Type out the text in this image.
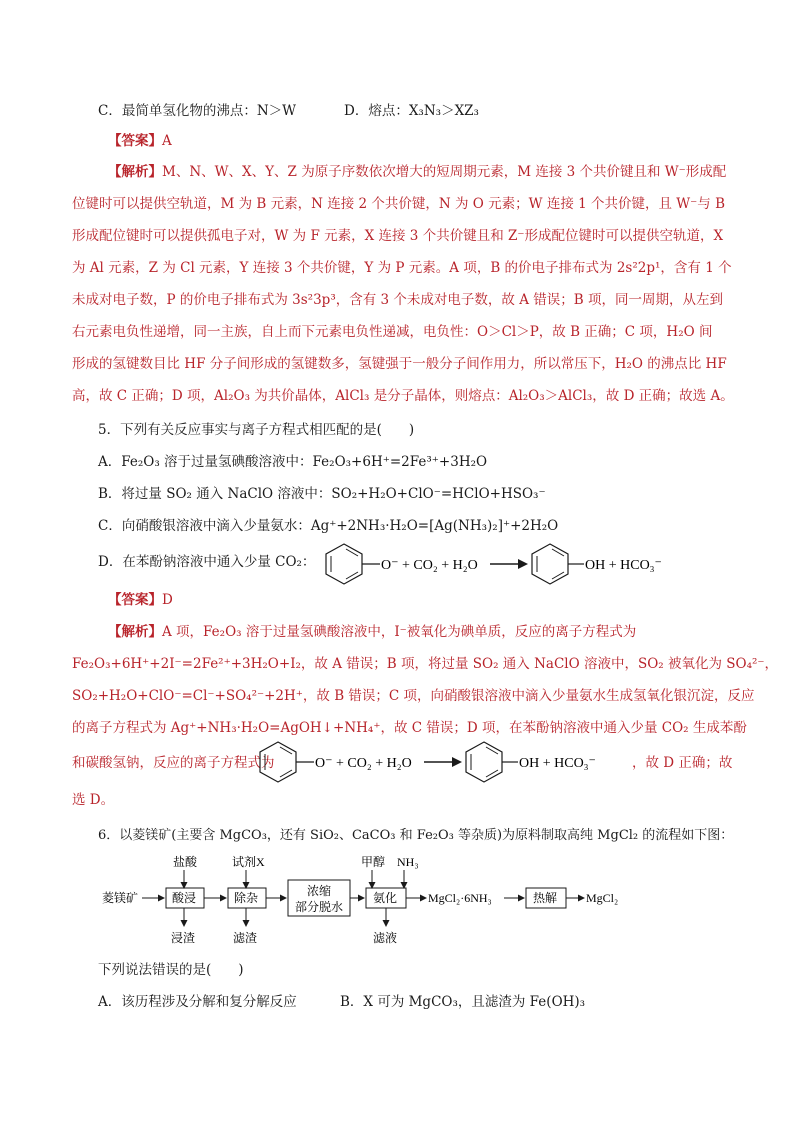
C．最简单氢化物的沸点：N＞W	D．熔点：X₃N₃＞XZ₃
【答案】A
【解析】M、N、W、X、Y、Z 为原子序数依次增大的短周期元素，M 连接 3 个共价键且和 W⁻形成配
位键时可以提供空轨道，M 为 B 元素，N 连接 2 个共价键，N 为 O 元素；W 连接 1 个共价键，且 W⁻与 B
形成配位键时可以提供孤电子对，W 为 F 元素，X 连接 3 个共价键且和 Z⁻形成配位键时可以提供空轨道，X
为 Al 元素，Z 为 Cl 元素，Y 连接 3 个共价键，Y 为 P 元素。A 项，B 的价电子排布式为 2s²2p¹，含有 1 个
未成对电子数，P 的价电子排布式为 3s²3p³，含有 3 个未成对电子数，故 A 错误；B 项，同一周期，从左到
右元素电负性递增，同一主族，自上而下元素电负性递减，电负性：O＞Cl＞P，故 B 正确；C 项，H₂O 间
形成的氢键数目比 HF 分子间形成的氢键数多，氢键强于一般分子间作用力，所以常压下，H₂O 的沸点比 HF
高，故 C 正确；D 项，Al₂O₃ 为共价晶体，AlCl₃ 是分子晶体，则熔点：Al₂O₃＞AlCl₃，故 D 正确；故选 A。
5．下列有关反应事实与离子方程式相匹配的是(　　)
A．Fe₂O₃ 溶于过量氢碘酸溶液中：Fe₂O₃+6H⁺=2Fe³⁺+3H₂O
B．将过量 SO₂ 通入 NaClO 溶液中：SO₂+H₂O+ClO⁻=HClO+HSO₃⁻
C．向硝酸银溶液中滴入少量氨水：Ag⁺+2NH₃·H₂O=[Ag(NH₃)₂]⁺+2H₂O
D．在苯酚钠溶液中通入少量 CO₂：	O⁻ + CO₂ + H₂O	OH + HCO₃⁻
【答案】D
【解析】A 项，Fe₂O₃ 溶于过量氢碘酸溶液中，I⁻被氧化为碘单质，反应的离子方程式为
Fe₂O₃+6H⁺+2I⁻=2Fe²⁺+3H₂O+I₂，故 A 错误；B 项，将过量 SO₂ 通入 NaClO 溶液中，SO₂ 被氧化为 SO₄²⁻，
SO₂+H₂O+ClO⁻=Cl⁻+SO₄²⁻+2H⁺，故 B 错误；C 项，向硝酸银溶液中滴入少量氨水生成氢氧化银沉淀，反应
的离子方程式为 Ag⁺+NH₃·H₂O=AgOH↓+NH₄⁺，故 C 错误；D 项，在苯酚钠溶液中通入少量 CO₂ 生成苯酚
和碳酸氢钠，反应的离子方程式为	O⁻ + CO₂ + H₂O	OH + HCO₃⁻	，故 D 正确；故
选 D。
6．以菱镁矿(主要含 MgCO₃，还有 SiO₂、CaCO₃ 和 Fe₂O₃ 等杂质)为原料制取高纯 MgCl₂ 的流程如下图：
盐酸	试剂X	甲醇 NH₃
菱镁矿	酸浸	除杂	浓缩
部分脱水
氨化	MgCl₂·6NH₃	热解 MgCl₂
浸渣	滤渣	滤液
下列说法错误的是(　　)
A．该历程涉及分解和复分解反应	B．X 可为 MgCO₃，且滤渣为 Fe(OH)₃
